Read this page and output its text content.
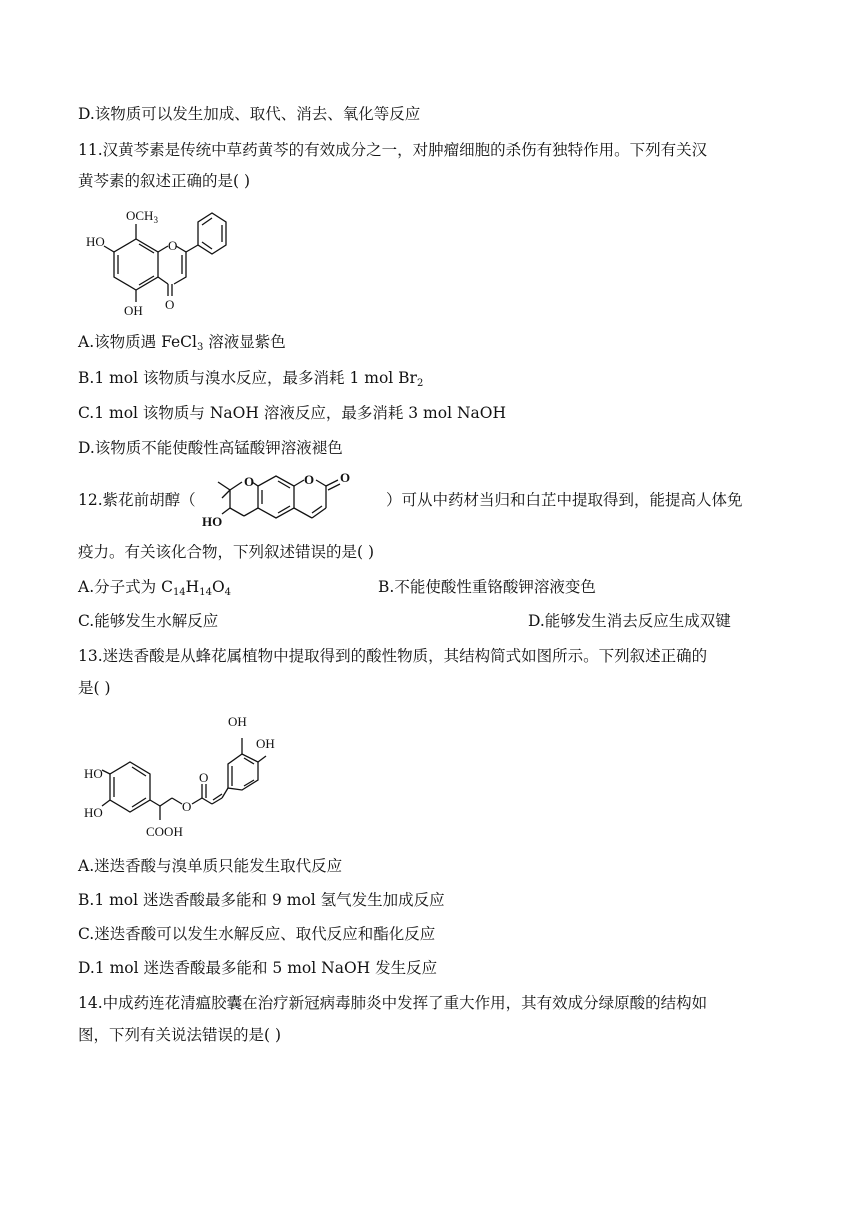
D.该物质可以发生加成、取代、消去、氧化等反应
11.汉黄芩素是传统中草药黄芩的有效成分之一，对肿瘤细胞的杀伤有独特作用。下列有关汉
黄芩素的叙述正确的是( )
$OCH_3$
HO	O
OH O
A.该物质遇 FeCl$_3$ 溶液显紫色
B.1 mol 该物质与溴水反应，最多消耗 1 mol $Br_2$
C.1 mol 该物质与 NaOH 溶液反应，最多消耗 3 mol NaOH
D.该物质不能使酸性高锰酸钾溶液褪色
12.紫花前胡醇（
O	O O
HO
）可从中药材当归和白芷中提取得到，能提高人体免
疫力。有关该化合物，下列叙述错误的是( )
A.分子式为 $C_{14}H_{14}O_4$	B.不能使酸性重铬酸钾溶液变色
C.能够发生水解反应	D.能够发生消去反应生成双键
13.迷迭香酸是从蜂花属植物中提取得到的酸性物质，其结构简式如图所示。下列叙述正确的
是( )
OH
OH
HO
HO
COOH
O
O
A.迷迭香酸与溴单质只能发生取代反应
B.1 mol 迷迭香酸最多能和 9 mol 氢气发生加成反应
C.迷迭香酸可以发生水解反应、取代反应和酯化反应
D.1 mol 迷迭香酸最多能和 5 mol NaOH 发生反应
14.中成药连花清瘟胶囊在治疗新冠病毒肺炎中发挥了重大作用，其有效成分绿原酸的结构如
图，下列有关说法错误的是( )
